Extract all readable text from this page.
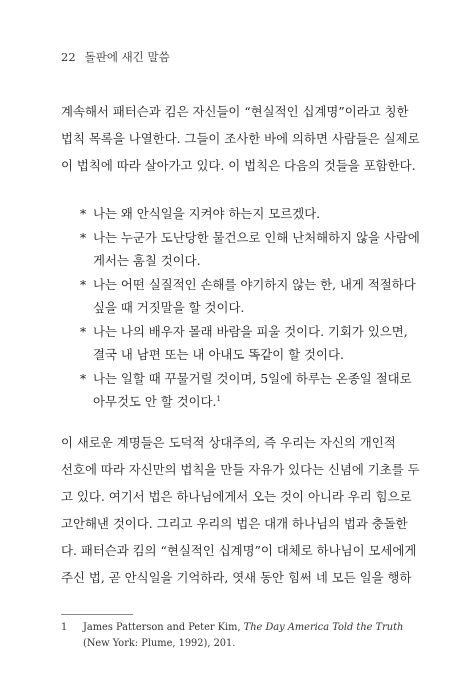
22 돌판에 새긴 말씀
계속해서 패터슨과 킴은 자신들이 “현실적인 십계명”이라고 칭한
법칙 목록을 나열한다. 그들이 조사한 바에 의하면 사람들은 실제로
이 법칙에 따라 살아가고 있다. 이 법칙은 다음의 것들을 포함한다.
* 나는 왜 안식일을 지켜야 하는지 모르겠다.
* 나는 누군가 도난당한 물건으로 인해 난처해하지 않을 사람에
게서는 훔칠 것이다.
* 나는 어떤 실질적인 손해를 야기하지 않는 한, 내게 적절하다
싶을 때 거짓말을 할 것이다.
* 나는 나의 배우자 몰래 바람을 피울 것이다. 기회가 있으면,
결국 내 남편 또는 내 아내도 똑같이 할 것이다.
* 나는 일할 때 꾸물거릴 것이며, 5일에 하루는 온종일 절대로
아무것도 안 할 것이다.$^1$
이 새로운 계명들은 도덕적 상대주의, 즉 우리는 자신의 개인적
선호에 따라 자신만의 법칙을 만들 자유가 있다는 신념에 기초를 두
고 있다. 여기서 법은 하나님에게서 오는 것이 아니라 우리 힘으로
고안해낸 것이다. 그리고 우리의 법은 대개 하나님의 법과 충돌한
다. 패터슨과 킴의 “현실적인 십계명”이 대체로 하나님이 모세에게
주신 법, 곧 안식일을 기억하라, 엿새 동안 힘써 네 모든 일을 행하
1 James Patterson and Peter Kim, The Day America Told the Truth (New York: Plume, 1992), 201.
